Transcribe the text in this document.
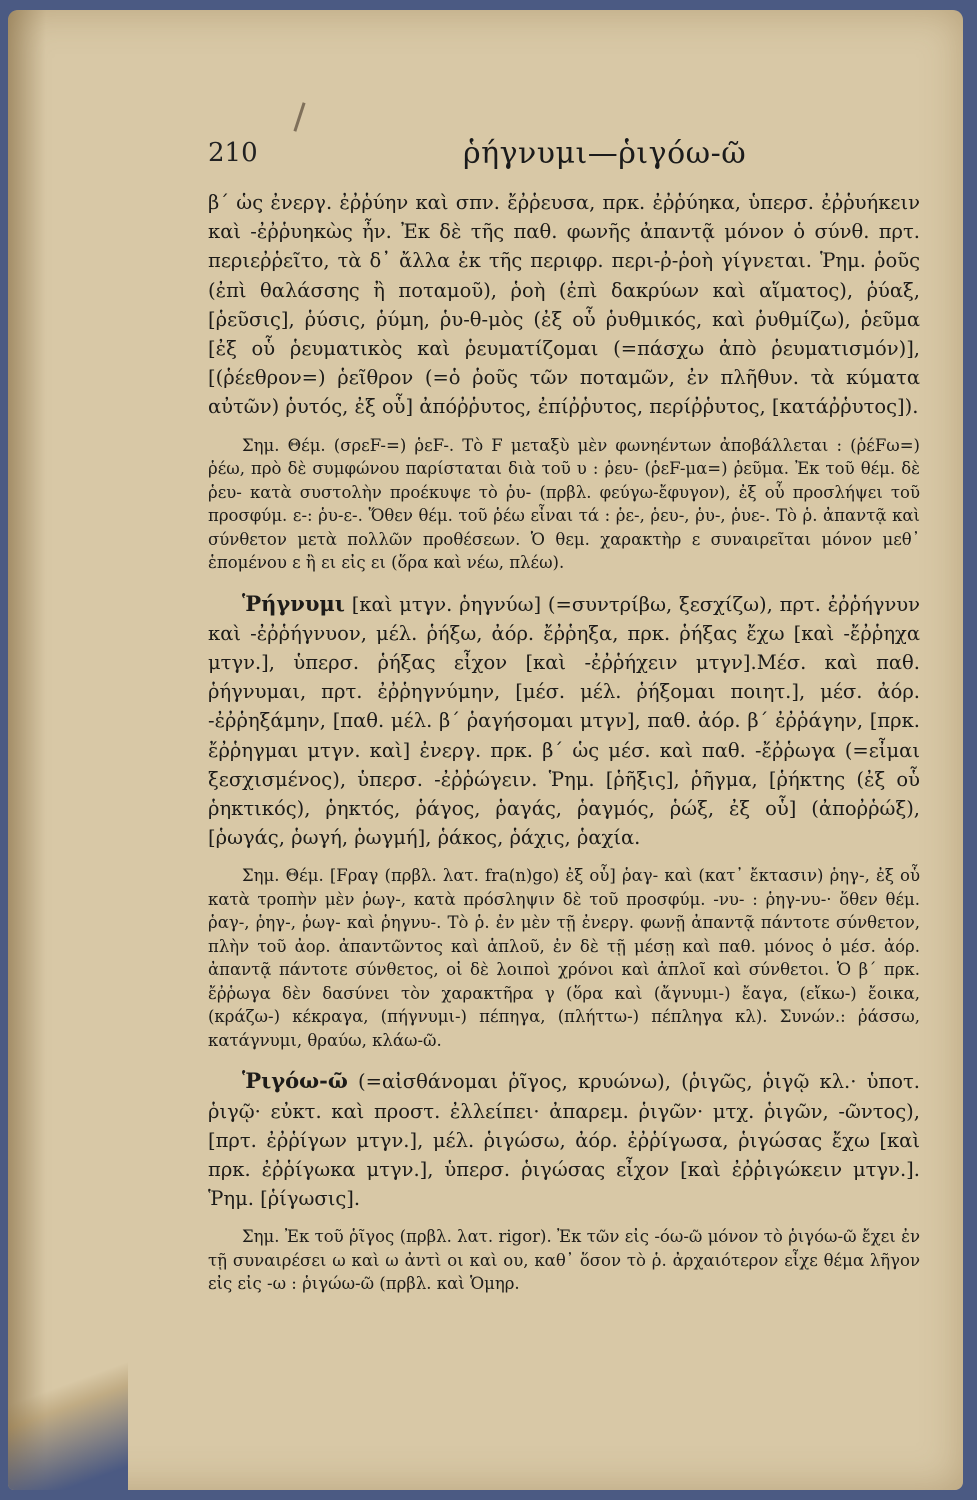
210	ῥήγνυμι—ῥιγόω-ῶ

β΄ ὡς ἐνεργ. ἐῤῥύην καὶ σπν. ἔῤῥευσα, πρκ. ἐῤῥύηκα, ὑπερσ. ἐῤῥυήκειν καὶ -ἐῤῥυηκὼς ἦν. Ἐκ δὲ τῆς παθ. φωνῆς ἀπαντᾷ μόνον ὁ σύνθ. πρτ. περιεῤῥεῖτο, τὰ δ᾽ ἄλλα ἐκ τῆς περιφρ. περι-ῤ-ῥοὴ γίγνεται. Ῥημ. ῥοῦς (ἐπὶ θαλάσσης ἢ ποταμοῦ), ῥοὴ (ἐπὶ δακρύων καὶ αἵματος), ῥύαξ, [ῥεῦσις], ῥύσις, ῥύμη, ῥυ-θ-μὸς (ἐξ οὗ ῥυθμικός, καὶ ῥυθμίζω), ῥεῦμα [ἐξ οὗ ῥευματικὸς καὶ ῥευματίζομαι (=πάσχω ἀπὸ ῥευματισμόν)],[(ῥέεθρον=) ῥεῖθρον (=ὁ ῥοῦς τῶν ποταμῶν, ἐν πλῆθυν. τὰ κύματα αὐτῶν) ῥυτός, ἐξ οὗ] ἀπόῤῥυτος, ἐπίῤῥυτος, περίῤῥυτος, [κατάῤῥυτος]).

Σημ. Θέμ. (σρεF-=) ῥεF-. Τὸ F μεταξὺ μὲν φωνηέντων ἀποβάλλεται : (ῥέFω=) ῥέω, πρὸ δὲ συμφώνου παρίσταται διὰ τοῦ υ : ῥευ- (ῥεF-μα=) ῥεῦμα. Ἐκ τοῦ θέμ. δὲ ῥευ- κατὰ συστολὴν προέκυψε τὸ ῥυ- (πρβλ. φεύγω-ἔφυγον), ἐξ οὗ προσλήψει τοῦ προσφύμ. ε-: ῥυ-ε-. Ὅθεν θέμ. τοῦ ῥέω εἶναι τά : ῥε-, ῥευ-, ῥυ-, ῥυε-. Τὸ ῥ. ἀπαντᾷ καὶ σύνθετον μετὰ πολλῶν προθέσεων. Ὁ θεμ. χαρακτὴρ ε συναιρεῖται μόνον μεθ᾽ ἑπομένου ε ἢ ει εἰς ει (ὅρα καὶ νέω, πλέω).

Ῥήγνυμι [καὶ μτγν. ῥηγνύω] (=συντρίβω, ξεσχίζω), πρτ. ἐῤῥήγνυν καὶ -ἐῤῥήγνυον, μέλ. ῥήξω, ἀόρ. ἔῤῥηξα, πρκ. ῥήξας ἔχω [καὶ -ἔῤῥηχα μτγν.], ὑπερσ. ῥήξας εἶχον [καὶ -ἐῤῥήχειν μτγν].Μέσ. καὶ παθ. ῥήγνυμαι, πρτ. ἐῤῥηγνύμην, [μέσ. μέλ. ῥήξομαι ποιητ.], μέσ. ἀόρ. -ἐῤῥηξάμην, [παθ. μέλ. β΄ ῥαγήσομαι μτγν], παθ. ἀόρ. β΄ ἐῤῥάγην, [πρκ. ἔῤῥηγμαι μτγν. καὶ] ἐνεργ. πρκ. β΄ ὡς μέσ. καὶ παθ. -ἔῤῥωγα (=εἶμαι ξεσχισμένος), ὑπερσ. -ἐῤῥώγειν. Ῥημ. [ῥῆξις], ῥῆγμα, [ῥήκτης (ἐξ οὗ ῥηκτικός), ῥηκτός, ῥάγος, ῥαγάς, ῥαγμός, ῥώξ, ἐξ οὗ] (ἀποῤῥώξ), [ῥωγάς, ῥωγή, ῥωγμή], ῥάκος, ῥάχις, ῥαχία.

Σημ. Θέμ. [Fραγ (πρβλ. λατ. fra(n)go) ἐξ οὗ] ῥαγ- καὶ (κατ᾽ ἔκτασιν) ῥηγ-, ἐξ οὗ κατὰ τροπὴν μὲν ῥωγ-, κατὰ πρόσληψιν δὲ τοῦ προσφύμ. -νυ- : ῥηγ-νυ-· ὅθεν θέμ. ῥαγ-, ῥηγ-, ῥωγ- καὶ ῥηγνυ-. Τὸ ῥ. ἐν μὲν τῇ ἐνεργ. φωνῇ ἀπαντᾷ πάντοτε σύνθετον, πλὴν τοῦ ἀορ. ἀπαντῶντος καὶ ἁπλοῦ, ἐν δὲ τῇ μέσῃ καὶ παθ. μόνος ὁ μέσ. ἀόρ. ἀπαντᾷ πάντοτε σύνθετος, οἱ δὲ λοιποὶ χρόνοι καὶ ἁπλοῖ καὶ σύνθετοι. Ὁ β΄ πρκ. ἔῤῥωγα δὲν δασύνει τὸν χαρακτῆρα γ (ὅρα καὶ (ἄγνυμι-) ἔαγα, (εἴκω-) ἔοικα, (κράζω-) κέκραγα, (πήγνυμι-) πέπηγα, (πλήττω-) πέπληγα κλ). Συνών.: ῥάσσω, κατάγνυμι, θραύω, κλάω-ῶ.

Ῥιγόω-ῶ (=αἰσθάνομαι ῥῖγος, κρυώνω), (ῥιγῶς, ῥιγῷ κλ.· ὑποτ. ῥιγῷ· εὐκτ. καὶ προστ. ἐλλείπει· ἀπαρεμ. ῥιγῶν· μτχ. ῥιγῶν, -ῶντος), [πρτ. ἐῤῥίγων μτγν.], μέλ. ῥιγώσω, ἀόρ. ἐῤῥίγωσα, ῥιγώσας ἔχω [καὶ πρκ. ἐῤῥίγωκα μτγν.], ὑπερσ. ῥιγώσας εἶχον [καὶ ἐῤῥιγώκειν μτγν.]. Ῥημ. [ῥίγωσις].

Σημ. Ἐκ τοῦ ῥῖγος (πρβλ. λατ. rigor). Ἐκ τῶν εἰς -όω-ῶ μόνον τὸ ῥιγόω-ῶ ἔχει ἐν τῇ συναιρέσει ω καὶ ω ἀντὶ οι καὶ ου, καθ᾽ ὅσον τὸ ῥ. ἀρχαιότερον εἶχε θέμα λῆγον εἰς εἰς -ω : ῥιγώω-ῶ (πρβλ. καὶ Ὁμηρ.
